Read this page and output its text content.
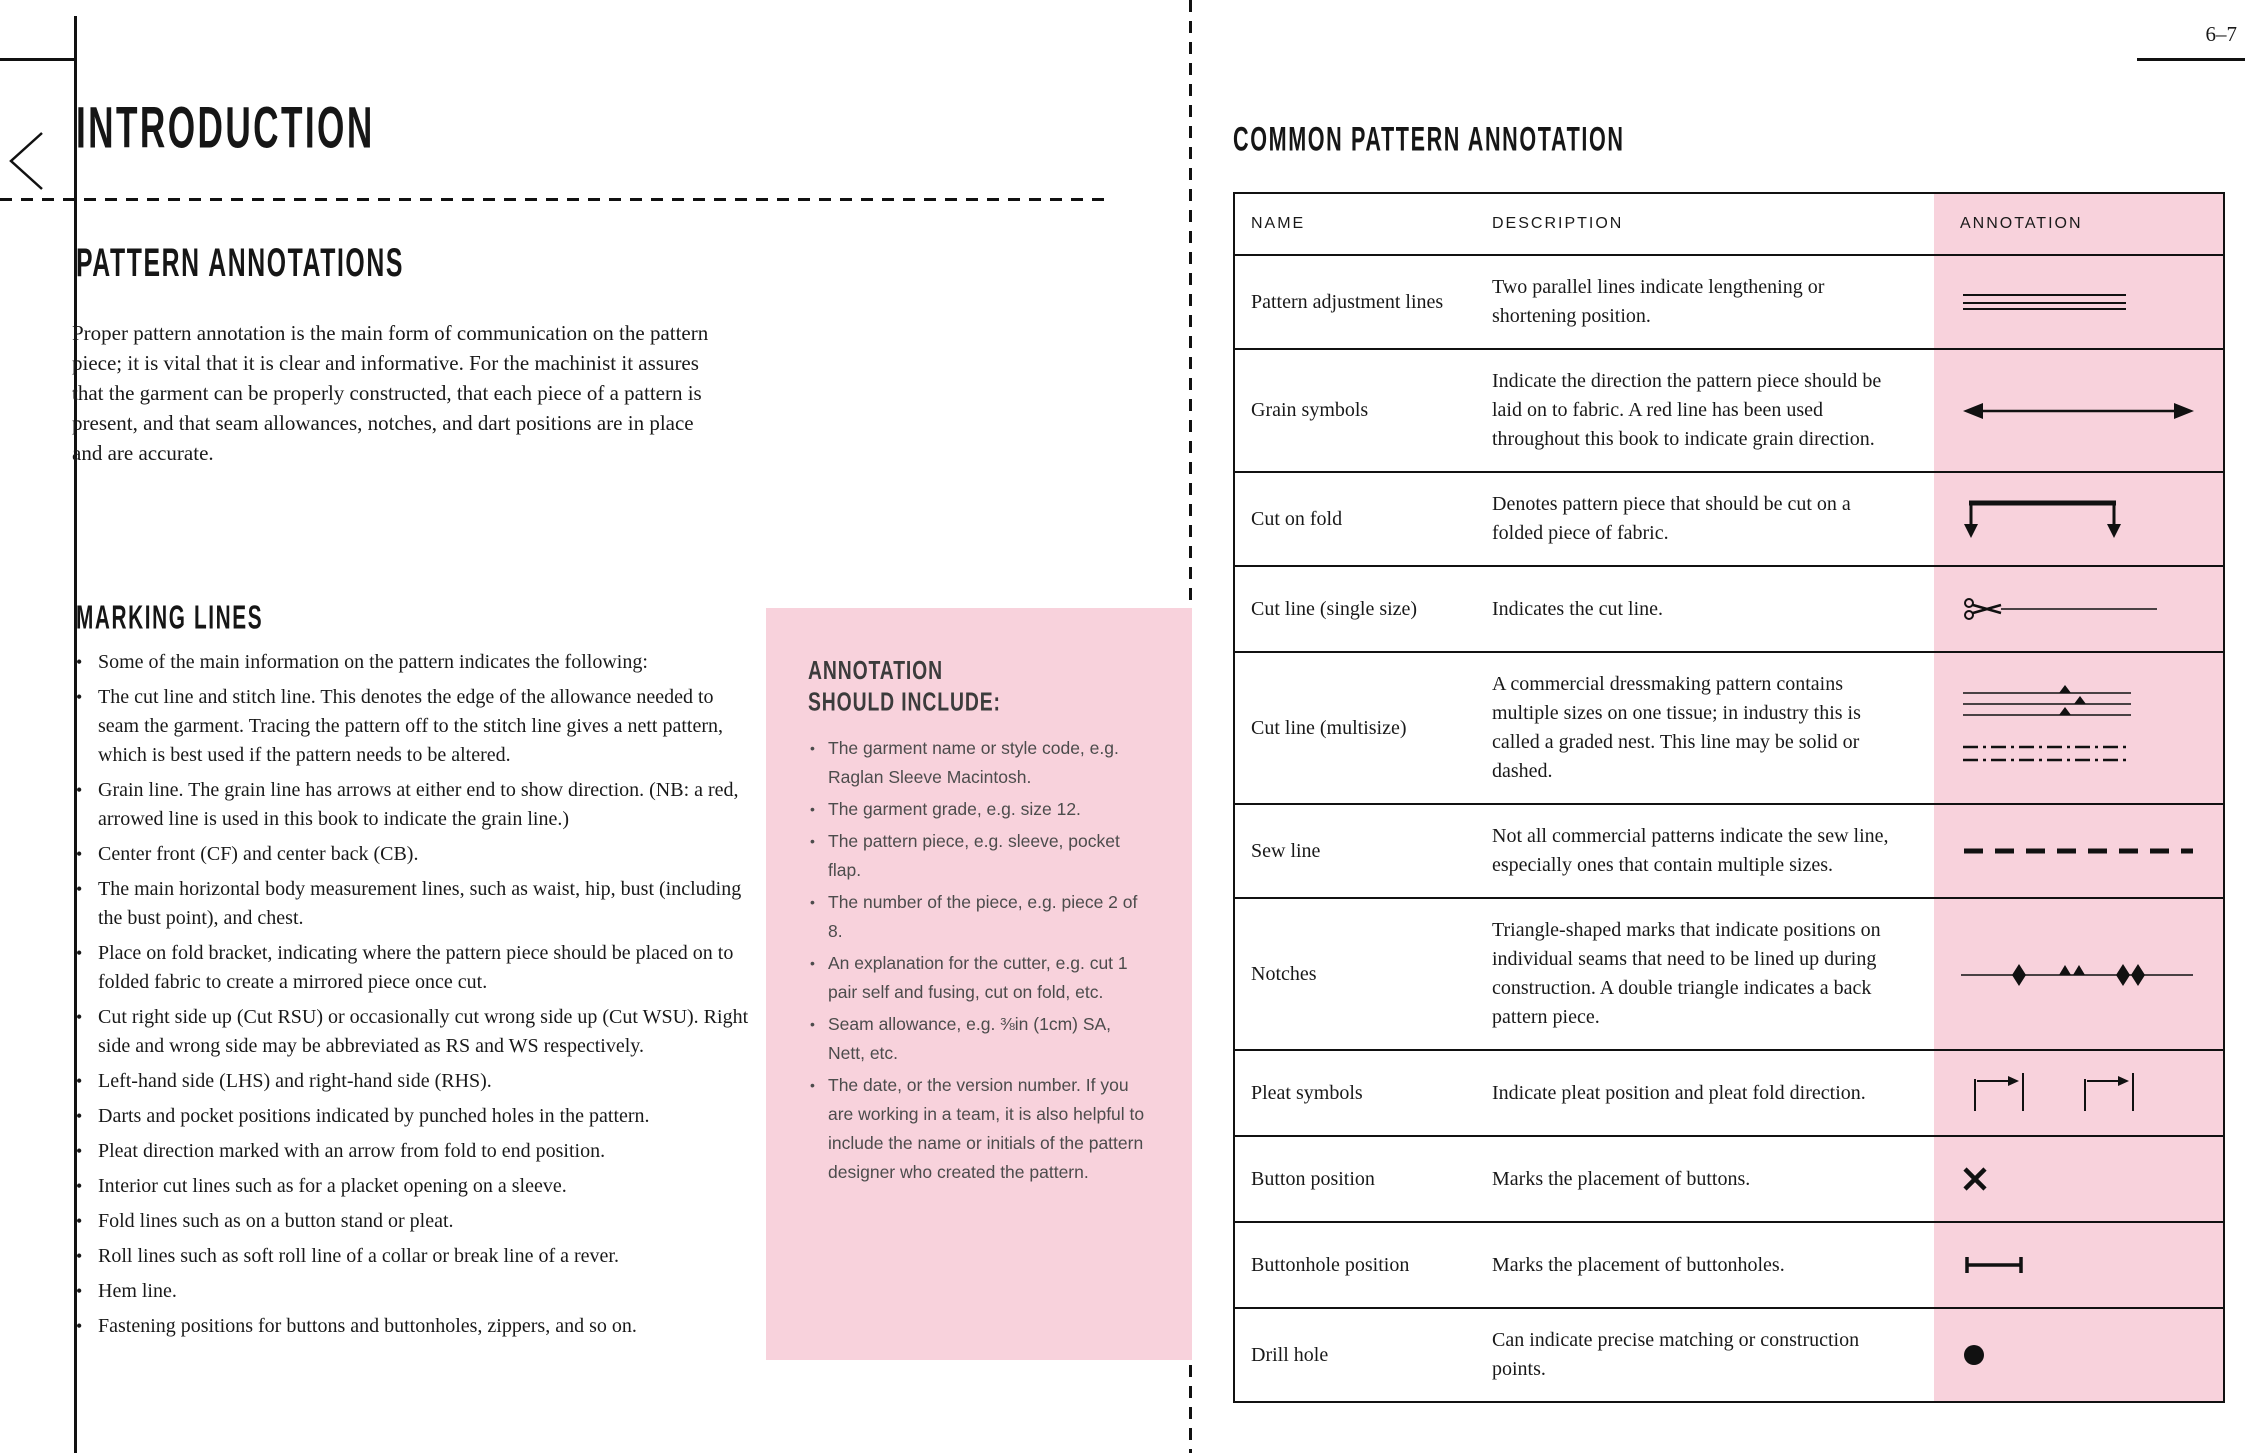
6–7
INTRODUCTION
PATTERN ANNOTATIONS

Proper pattern annotation is the main form of communication on the pattern piece; it is vital that it is clear and informative. For the machinist it assures that the garment can be properly constructed, that each piece of a pattern is present, and that seam allowances, notches, and dart positions are in place and are accurate.

MARKING LINES
• Some of the main information on the pattern indicates the following:
• The cut line and stitch line. This denotes the edge of the allowance needed to seam the garment. Tracing the pattern off to the stitch line gives a nett pattern, which is best used if the pattern needs to be altered.
• Grain line. The grain line has arrows at either end to show direction. (NB: a red, arrowed line is used in this book to indicate the grain line.)
• Center front (CF) and center back (CB).
• The main horizontal body measurement lines, such as waist, hip, bust (including the bust point), and chest.
• Place on fold bracket, indicating where the pattern piece should be placed on to folded fabric to create a mirrored piece once cut.
• Cut right side up (Cut RSU) or occasionally cut wrong side up (Cut WSU). Right side and wrong side may be abbreviated as RS and WS respectively.
• Left-hand side (LHS) and right-hand side (RHS).
• Darts and pocket positions indicated by punched holes in the pattern.
• Pleat direction marked with an arrow from fold to end position.
• Interior cut lines such as for a placket opening on a sleeve.
• Fold lines such as on a button stand or pleat.
• Roll lines such as soft roll line of a collar or break line of a rever.
• Hem line.
• Fastening positions for buttons and buttonholes, zippers, and so on.
ANNOTATION SHOULD INCLUDE:
• The garment name or style code, e.g. Raglan Sleeve Macintosh.
• The garment grade, e.g. size 12.
• The pattern piece, e.g. sleeve, pocket flap.
• The number of the piece, e.g. piece 2 of 8.
• An explanation for the cutter, e.g. cut 1 pair self and fusing, cut on fold, etc.
• Seam allowance, e.g. ⅜in (1cm) SA, Nett, etc.
• The date, or the version number. If you are working in a team, it is also helpful to include the name or initials of the pattern designer who created the pattern.
COMMON PATTERN ANNOTATION
NAME	DESCRIPTION	ANNOTATION
Pattern adjustment lines	Two parallel lines indicate lengthening or shortening position.	

Grain symbols	Indicate the direction the pattern piece should be laid on to fabric. A red line has been used throughout this book to indicate grain direction.	

Cut on fold	Denotes pattern piece that should be cut on a folded piece of fabric.	

Cut line (single size)	Indicates the cut line.	

Cut line (multisize)	A commercial dressmaking pattern contains multiple sizes on one tissue; in industry this is called a graded nest. This line may be solid or dashed.	

Sew line	Not all commercial patterns indicate the sew line, especially ones that contain multiple sizes.	

Notches	Triangle-shaped marks that indicate positions on individual seams that need to be lined up during construction. A double triangle indicates a back pattern piece.	

Pleat symbols	Indicate pleat position and pleat fold direction.	

Button position	Marks the placement of buttons.	

Buttonhole position	Marks the placement of buttonholes.	

Drill hole	Can indicate precise matching or construction points.	
